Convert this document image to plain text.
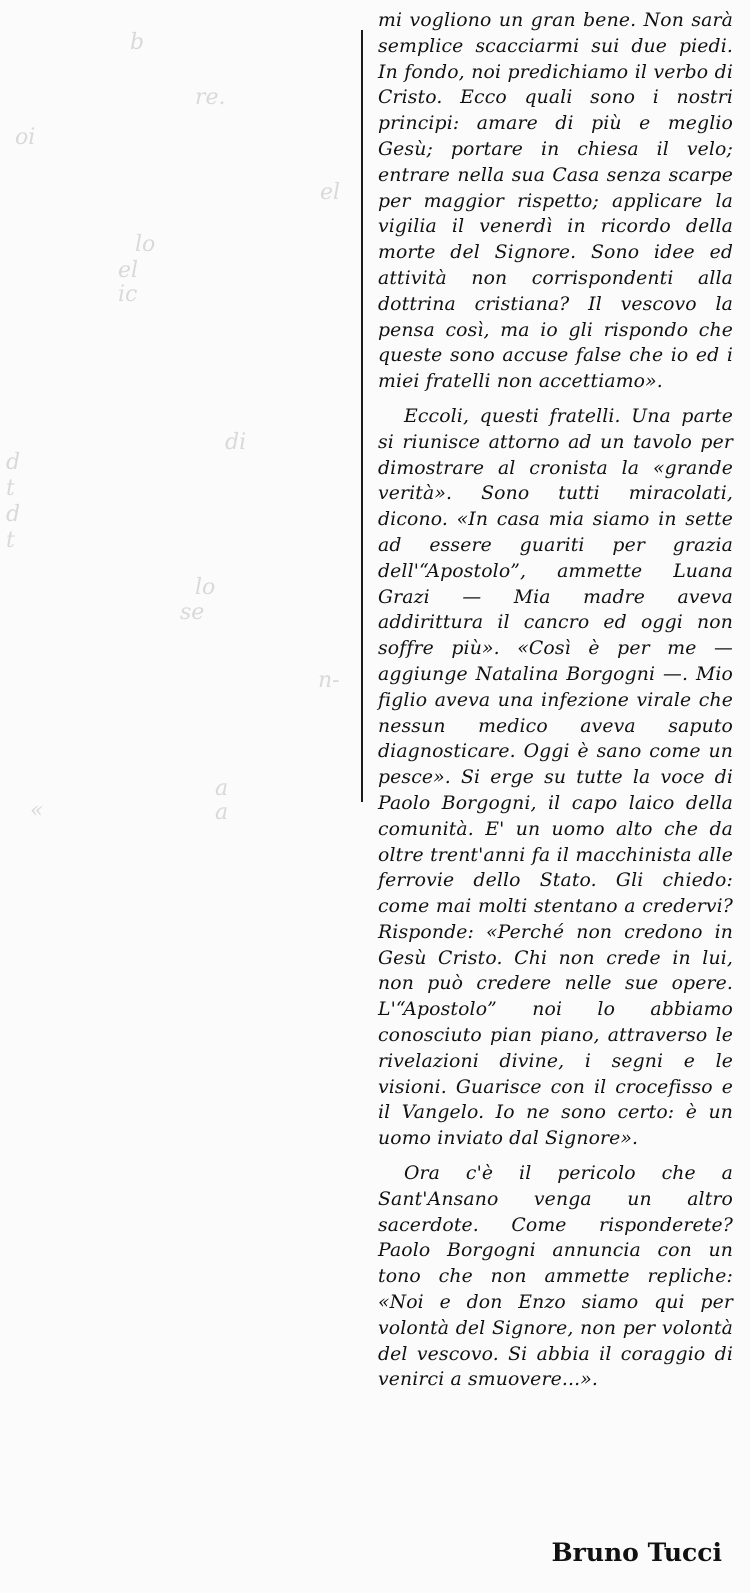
b
re.
oi
el
lo
el
ic
di
d
t
d
t
lo
se
n-
a
«	a

mi vogliono un gran bene. Non sarà semplice scacciarmi sui due piedi. In fondo, noi predichiamo il verbo di Cristo. Ecco quali sono i nostri principi: amare di più e meglio Gesù; portare in chiesa il velo; entrare nella sua Casa senza scarpe per maggior rispetto; applicare la vigilia il venerdì in ricordo della morte del Signore. Sono idee ed attività non corrispondenti alla dottrina cristiana? Il vescovo la pensa così, ma io gli rispondo che queste sono accuse false che io ed i miei fratelli non accettiamo».

Eccoli, questi fratelli. Una parte si riunisce attorno ad un tavolo per dimostrare al cronista la «grande verità». Sono tutti miracolati, dicono. «In casa mia siamo in sette ad essere guariti per grazia dell'“Apostolo”, ammette Luana Grazi — Mia madre aveva addirittura il cancro ed oggi non soffre più». «Così è per me — aggiunge Natalina Borgogni —. Mio figlio aveva una infezione virale che nessun medico aveva saputo diagnosticare. Oggi è sano come un pesce». Si erge su tutte la voce di Paolo Borgogni, il capo laico della comunità. E' un uomo alto che da oltre trent'anni fa il macchinista alle ferrovie dello Stato. Gli chiedo: come mai molti stentano a credervi? Risponde: «Perché non credono in Gesù Cristo. Chi non crede in lui, non può credere nelle sue opere. L'“Apostolo” noi lo abbiamo conosciuto pian piano, attraverso le rivelazioni divine, i segni e le visioni. Guarisce con il crocefisso e il Vangelo. Io ne sono certo: è un uomo inviato dal Signore».

Ora c'è il pericolo che a Sant'Ansano venga un altro sacerdote. Come risponderete? Paolo Borgogni annuncia con un tono che non ammette repliche: «Noi e don Enzo siamo qui per volontà del Signore, non per volontà del vescovo. Si abbia il coraggio di venirci a smuovere...».

Bruno Tucci
